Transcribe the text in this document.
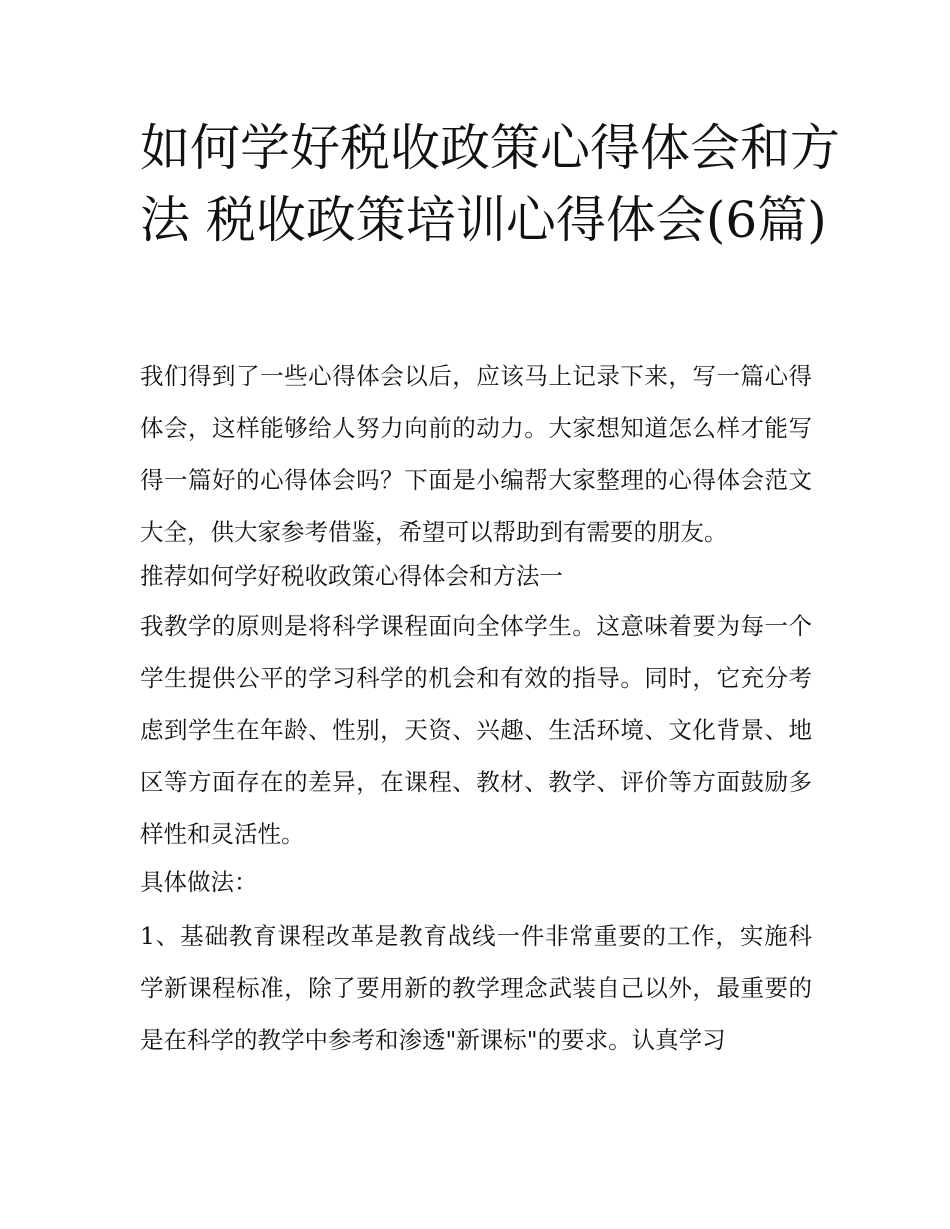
如何学好税收政策心得体会和方法 税收政策培训心得体会(6篇)

我们得到了一些心得体会以后，应该马上记录下来，写一篇心得体会，这样能够给人努力向前的动力。大家想知道怎么样才能写得一篇好的心得体会吗？下面是小编帮大家整理的心得体会范文大全，供大家参考借鉴，希望可以帮助到有需要的朋友。

推荐如何学好税收政策心得体会和方法一

我教学的原则是将科学课程面向全体学生。这意味着要为每一个学生提供公平的学习科学的机会和有效的指导。同时，它充分考虑到学生在年龄、性别，天资、兴趣、生活环境、文化背景、地区等方面存在的差异，在课程、教材、教学、评价等方面鼓励多样性和灵活性。

具体做法：

1、基础教育课程改革是教育战线一件非常重要的工作，实施科学新课程标准，除了要用新的教学理念武装自己以外，最重要的是在科学的教学中参考和渗透"新课标"的要求。认真学习
